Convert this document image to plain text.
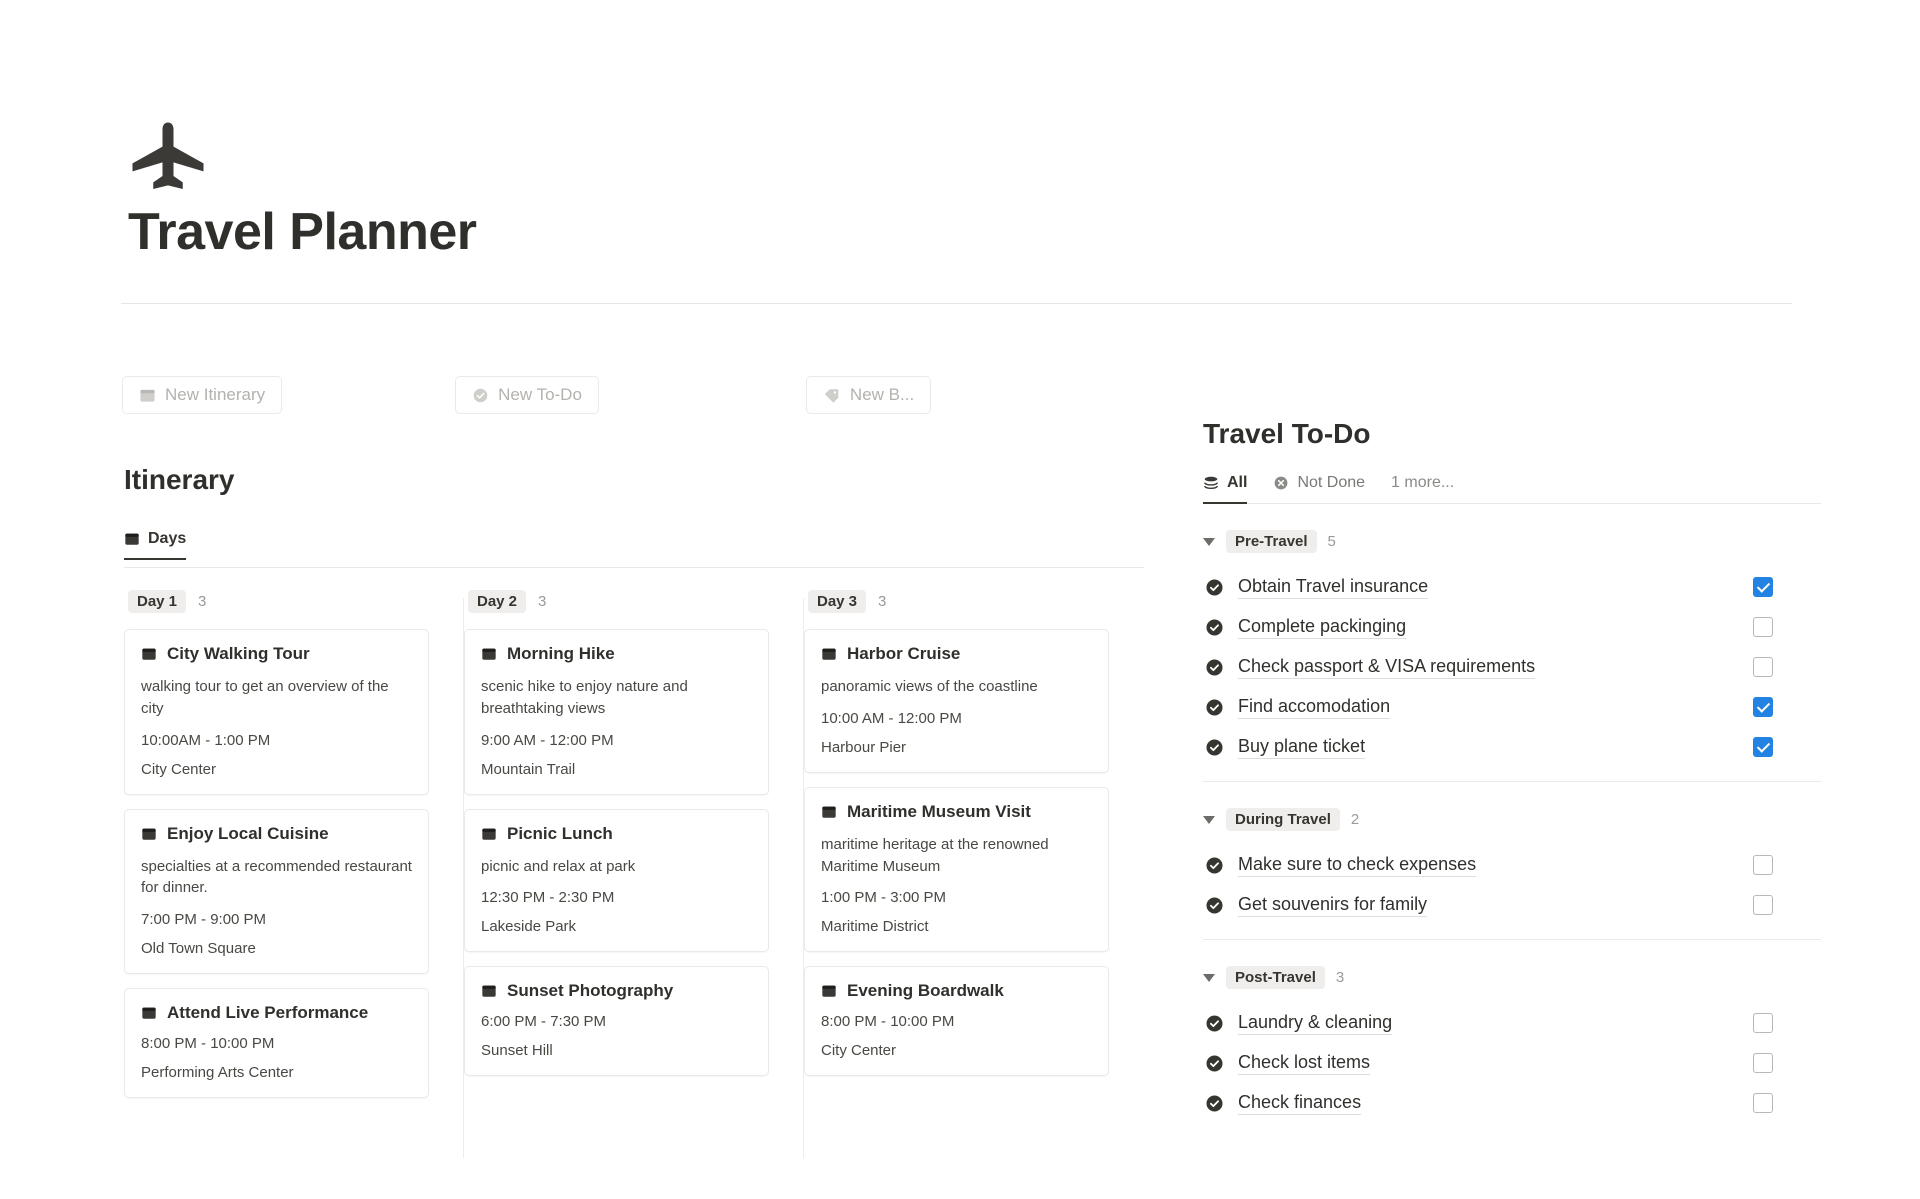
Travel Planner
New Itinerary	New To-Do	New B...
Itinerary
Days
Day 1	3
City Walking Tour
walking tour to get an overview of the city
10:00AM - 1:00 PM
City Center
Enjoy Local Cuisine
specialties at a recommended restaurant for dinner.
7:00 PM - 9:00 PM
Old Town Square
Attend Live Performance
8:00 PM - 10:00 PM
Performing Arts Center
Day 2	3
Morning Hike
scenic hike to enjoy nature and breathtaking views
9:00 AM - 12:00 PM
Mountain Trail
Picnic Lunch
picnic and relax at park
12:30 PM - 2:30 PM
Lakeside Park
Sunset Photography
6:00 PM - 7:30 PM
Sunset Hill
Day 3	3
Harbor Cruise
panoramic views of the coastline
10:00 AM - 12:00 PM
Harbour Pier
Maritime Museum Visit
maritime heritage at the renowned Maritime Museum
1:00 PM - 3:00 PM
Maritime District
Evening Boardwalk
8:00 PM - 10:00 PM
City Center
Travel To-Do
All	Not Done 1 more...
Pre-Travel	5
Obtain Travel insurance
Complete packinging
Check passport & VISA requirements
Find accomodation
Buy plane ticket
During Travel	2
Make sure to check expenses
Get souvenirs for family
Post-Travel	3
Laundry & cleaning
Check lost items
Check finances
